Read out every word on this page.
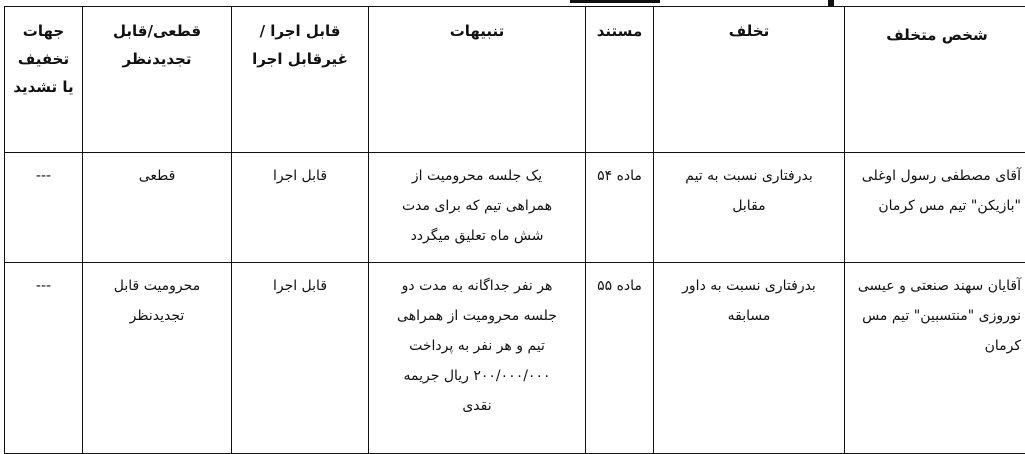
شخص متخلف	تخلف	مستند	تنبیهات	قابل اجرا /غیرقابل اجرا	قطعی/قابل تجدیدنظر	جهات تخفیف یا تشدید

آقای مصطفی رسول اوغلی "بازیکن" تیم مس کرمان	بدرفتاری نسبت به تیم مقابل	ماده ۵۴	یک جلسه محرومیت از همراهی تیم که برای مدت شش ماه تعلیق میگردد	قابل اجرا	قطعی	---

آقایان سهند صنعتی و عیسی نوروزی "منتسبین" تیم مس کرمان	بدرفتاری نسبت به داور مسابقه	ماده ۵۵	هر نفر جداگانه به مدت دو جلسه محرومیت از همراهی تیم و هر نفر به پرداخت ۲۰۰/۰۰۰/۰۰۰ ریال جریمه نقدی	قابل اجرا	محرومیت قابل تجدیدنظر	---
